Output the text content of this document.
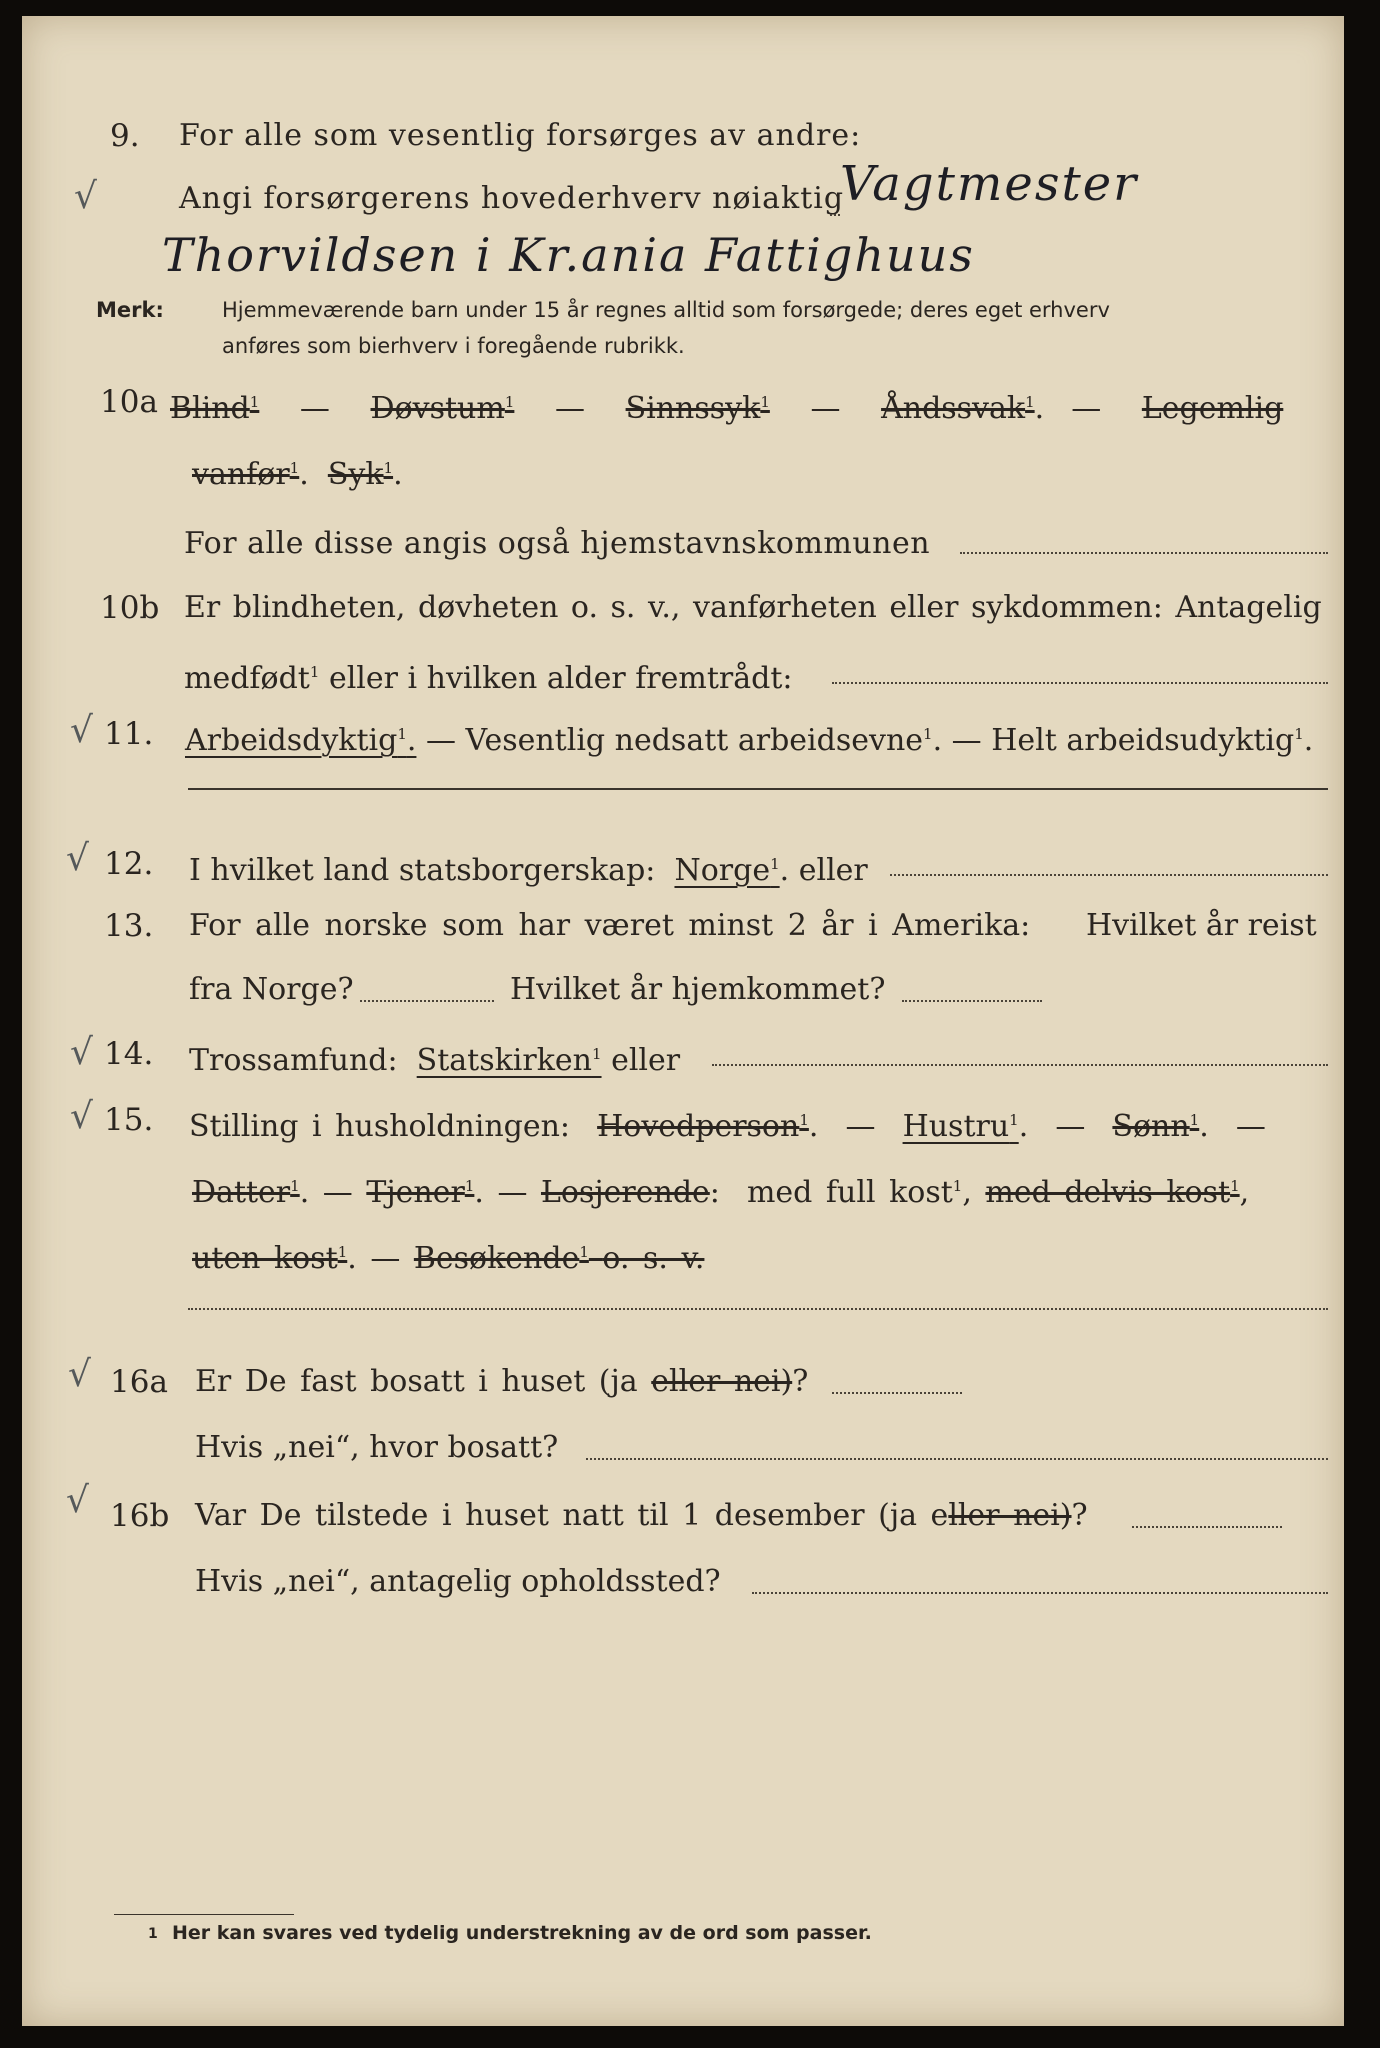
9. For alle som vesentlig forsørges av andre:
√	Angi forsørgerens hovederhverv nøiaktig
Vagtmester
Thorvildsen i Kr.ania Fattighuus
Merk:	Hjemmeværende barn under 15 år regnes alltid som forsørgede; deres eget erhverv
anføres som bierhverv i foregående rubrikk.
10a Blind$^1$ — Døvstum$^1$ — Sinnssyk$^1$ — Åndssvak$^1$.  — Legemlig
vanfør$^1$.  Syk$^1$.
For alle disse angis også hjemstavnskommunen
10b Er blindheten, døvheten o. s. v., vanførheten eller sykdommen: Antagelig
medfødt$^1$ eller i hvilken alder fremtrådt:
√ 11. Arbeidsdyktig$^1$. — Vesentlig nedsatt arbeidsevne$^1$. — Helt arbeidsudyktig$^1$.
√ 12. I hvilket land statsborgerskap: Norge$^1$. eller
13. For alle norske som har været minst 2 år i Amerika: Hvilket år reist
fra Norge?	Hvilket år hjemkommet?
√ 14. Trossamfund: Statskirken$^1$ eller
√ 15. Stilling i husholdningen: Hovedperson$^1$.  — Hustru$^1$.  — Sønn$^1$.  —
Datter$^1$. — Tjener$^1$. — Losjerende: med full kost$^1$, med delvis kost$^1$,
uten kost$^1$. — Besøkende$^1$ o. s. v.
√ 16a Er De fast bosatt i huset (ja eller nei)?
Hvis „nei“, hvor bosatt?
√ 16b Var De tilstede i huset natt til 1 desember (ja eller nei)?
Hvis „nei“, antagelig opholdssted?
1 Her kan svares ved tydelig understrekning av de ord som passer.
